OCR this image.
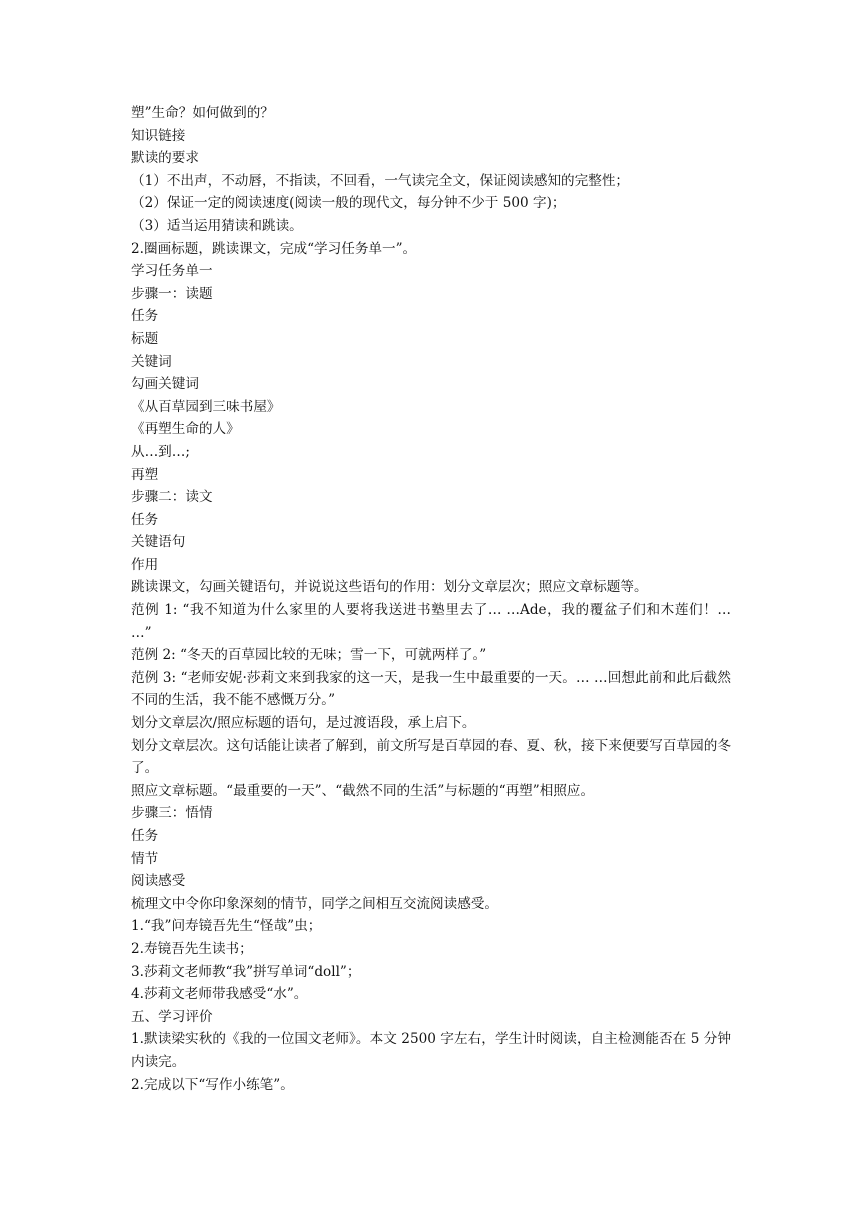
塑”生命？如何做到的？

知识链接

默读的要求

（1）不出声，不动唇，不指读，不回看，一气读完全文，保证阅读感知的完整性；

（2）保证一定的阅读速度(阅读一般的现代文，每分钟不少于 500 字)；

（3）适当运用猜读和跳读。

2.圈画标题，跳读课文，完成“学习任务单一”。

学习任务单一

步骤一：读题

任务

标题

关键词

勾画关键词

《从百草园到三味书屋》

《再塑生命的人》

从…到…;

再塑

步骤二：读文

任务

关键语句

作用

跳读课文，勾画关键语句，并说说这些语句的作用：划分文章层次；照应文章标题等。

范例 1: “我不知道为什么家里的人要将我送进书塾里去了… …Ade，我的覆盆子们和木莲们！… …”

范例 2: “冬天的百草园比较的无味；雪一下，可就两样了。”

范例 3: “老师安妮·莎莉文来到我家的这一天，是我一生中最重要的一天。… …回想此前和此后截然不同的生活，我不能不感慨万分。”

划分文章层次/照应标题的语句，是过渡语段，承上启下。

划分文章层次。这句话能让读者了解到，前文所写是百草园的春、夏、秋，接下来便要写百草园的冬了。

照应文章标题。“最重要的一天”、“截然不同的生活”与标题的“再塑”相照应。

步骤三：悟情

任务

情节

阅读感受

梳理文中令你印象深刻的情节，同学之间相互交流阅读感受。

1.“我”问寿镜吾先生“怪哉”虫；

2.寿镜吾先生读书；

3.莎莉文老师教“我”拼写单词“doll”；

4.莎莉文老师带我感受“水”。

五、学习评价

1.默读梁实秋的《我的一位国文老师》。本文 2500 字左右，学生计时阅读，自主检测能否在 5 分钟内读完。

2.完成以下“写作小练笔”。
